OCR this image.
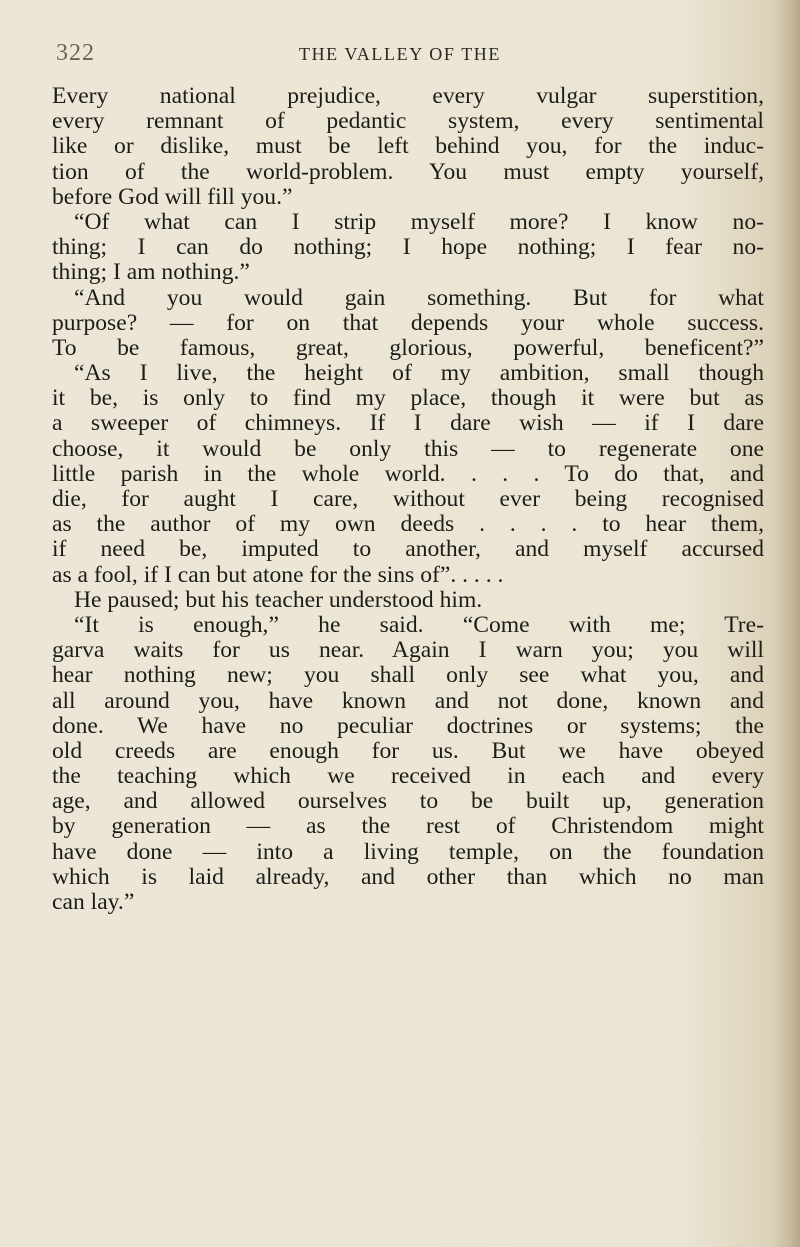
322	THE VALLEY OF THE
Every national prejudice, every vulgar superstition,
every remnant of pedantic system, every sentimental
like or dislike, must be left behind you, for the induc-
tion of the world-problem. You must empty yourself,
before God will fill you.”
“Of what can I strip myself more? I know no-
thing; I can do nothing; I hope nothing; I fear no-
thing; I am nothing.”
“And you would gain something. But for what
purpose? — for on that depends your whole success.
To be famous, great, glorious, powerful, beneficent?”
“As I live, the height of my ambition, small though
it be, is only to find my place, though it were but as
a sweeper of chimneys. If I dare wish — if I dare
choose, it would be only this — to regenerate one
little parish in the whole world. . . . To do that, and
die, for aught I care, without ever being recognised
as the author of my own deeds . . . . to hear them,
if need be, imputed to another, and myself accursed
as a fool, if I can but atone for the sins of”. . . . .
He paused; but his teacher understood him.
“It is enough,” he said. “Come with me; Tre-
garva waits for us near. Again I warn you; you will
hear nothing new; you shall only see what you, and
all around you, have known and not done, known and
done. We have no peculiar doctrines or systems; the
old creeds are enough for us. But we have obeyed
the teaching which we received in each and every
age, and allowed ourselves to be built up, generation
by generation — as the rest of Christendom might
have done — into a living temple, on the foundation
which is laid already, and other than which no man
can lay.”
